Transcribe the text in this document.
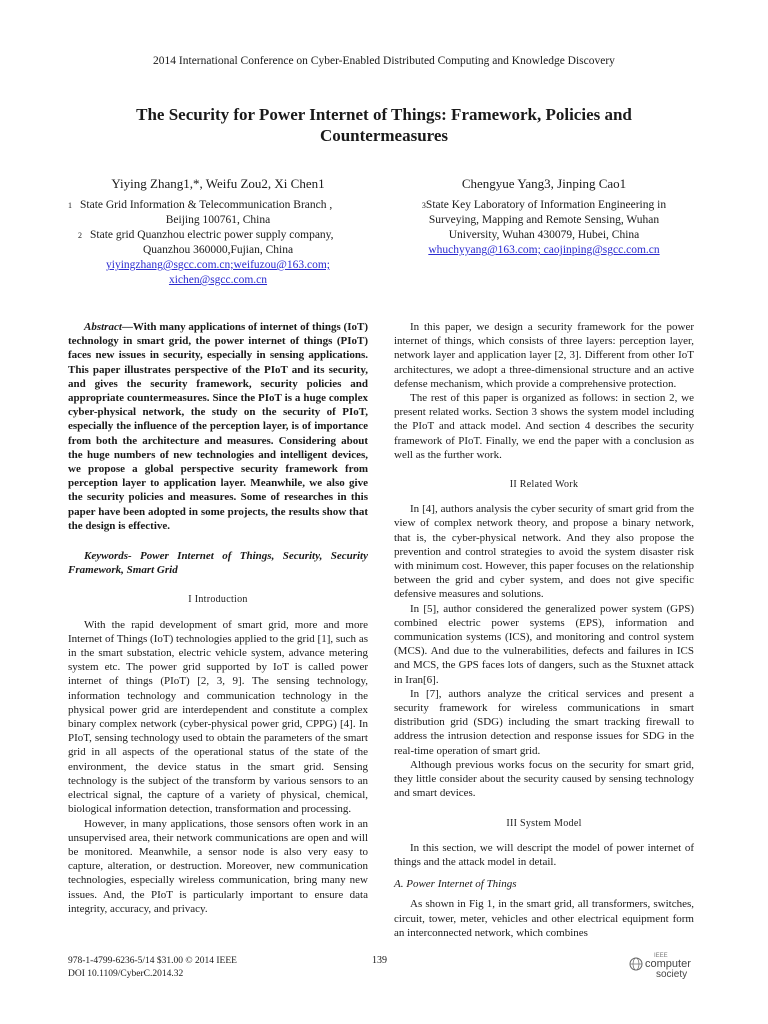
2014 International Conference on Cyber-Enabled Distributed Computing and Knowledge Discovery
The Security for Power Internet of Things: Framework, Policies and
Countermeasures
Yiying Zhang1,*, Weifu Zou2, Xi Chen1
1 State Grid Information & Telecommunication Branch ,
Beijing 100761, China
2 State grid Quanzhou electric power supply company,
Quanzhou 360000,Fujian, China
yiyingzhang@sgcc.com.cn;weifuzou@163.com;
xichen@sgcc.com.cn
Chengyue Yang3, Jinping Cao1
$^3$State Key Laboratory of Information Engineering in
Surveying, Mapping and Remote Sensing, Wuhan
University, Wuhan 430079, Hubei, China
whuchyyang@163.com; caojinping@sgcc.com.cn

Abstract—With many applications of internet of things (IoT) technology in smart grid, the power internet of things (PIoT) faces new issues in security, especially in sensing applications. This paper illustrates perspective of the PIoT and its security, and gives the security framework, security policies and appropriate countermeasures. Since the PIoT is a huge complex cyber-physical network, the study on the security of PIoT, especially the influence of the perception layer, is of importance from both the architecture and measures. Considering about the huge numbers of new technologies and intelligent devices, we propose a global perspective security framework from perception layer to application layer. Meanwhile, we also give the security policies and measures. Some of researches in this paper have been adopted in some projects, the results show that the design is effective.

Keywords- Power Internet of Things, Security, Security Framework, Smart Grid

I Introduction

With the rapid development of smart grid, more and more Internet of Things (IoT) technologies applied to the grid [1], such as in the smart substation, electric vehicle system, advance metering system etc. The power grid supported by IoT is called power internet of things (PIoT) [2, 3, 9]. The sensing technology, information technology and communication technology in the physical power grid are interdependent and constitute a complex binary complex network (cyber-physical power grid, CPPG) [4]. In PIoT, sensing technology used to obtain the parameters of the smart grid in all aspects of the operational status of the state of the environment, the device status in the smart grid. Sensing technology is the subject of the transform by various sensors to an electrical signal, the capture of a variety of physical, chemical, biological information detection, transformation and processing.

However, in many applications, those sensors often work in an unsupervised area, their network communications are open and will be monitored. Meanwhile, a sensor node is also very easy to capture, alteration, or destruction. Moreover, new communication technologies, especially wireless communication, bring many new issues. And, the PIoT is particularly important to ensure data integrity, accuracy, and privacy.

In this paper, we design a security framework for the power internet of things, which consists of three layers: perception layer, network layer and application layer [2, 3]. Different from other IoT architectures, we adopt a three-dimensional structure and an active defense mechanism, which provide a comprehensive protection.

The rest of this paper is organized as follows: in section 2, we present related works. Section 3 shows the system model including the PIoT and attack model. And section 4 describes the security framework of PIoT. Finally, we end the paper with a conclusion as well as the further work.

II Related Work

In [4], authors analysis the cyber security of smart grid from the view of complex network theory, and propose a binary network, that is, the cyber-physical network. And they also propose the prevention and control strategies to avoid the system disaster risk with minimum cost. However, this paper focuses on the relationship between the grid and cyber system, and does not give specific defensive measures and solutions.

In [5], author considered the generalized power system (GPS) combined electric power systems (EPS), information and communication systems (ICS), and monitoring and control system (MCS). And due to the vulnerabilities, defects and failures in ICS and MCS, the GPS faces lots of dangers, such as the Stuxnet attack in Iran[6].

In [7], authors analyze the critical services and present a security framework for wireless communications in smart distribution grid (SDG) including the smart tracking firewall to address the intrusion detection and response issues for SDG in the real-time operation of smart grid.

Although previous works focus on the security for smart grid, they little consider about the security caused by sensing technology and smart devices.

III System Model

In this section, we will descript the model of power internet of things and the attack model in detail.

A. Power Internet of Things

As shown in Fig 1, in the smart grid, all transformers, switches, circuit, tower, meter, vehicles and other electrical equipment form an interconnected network, which combines

978-1-4799-6236-5/14 $31.00 © 2014 IEEE
DOI 10.1109/CyberC.2014.32
139	IEEE
computer
society
